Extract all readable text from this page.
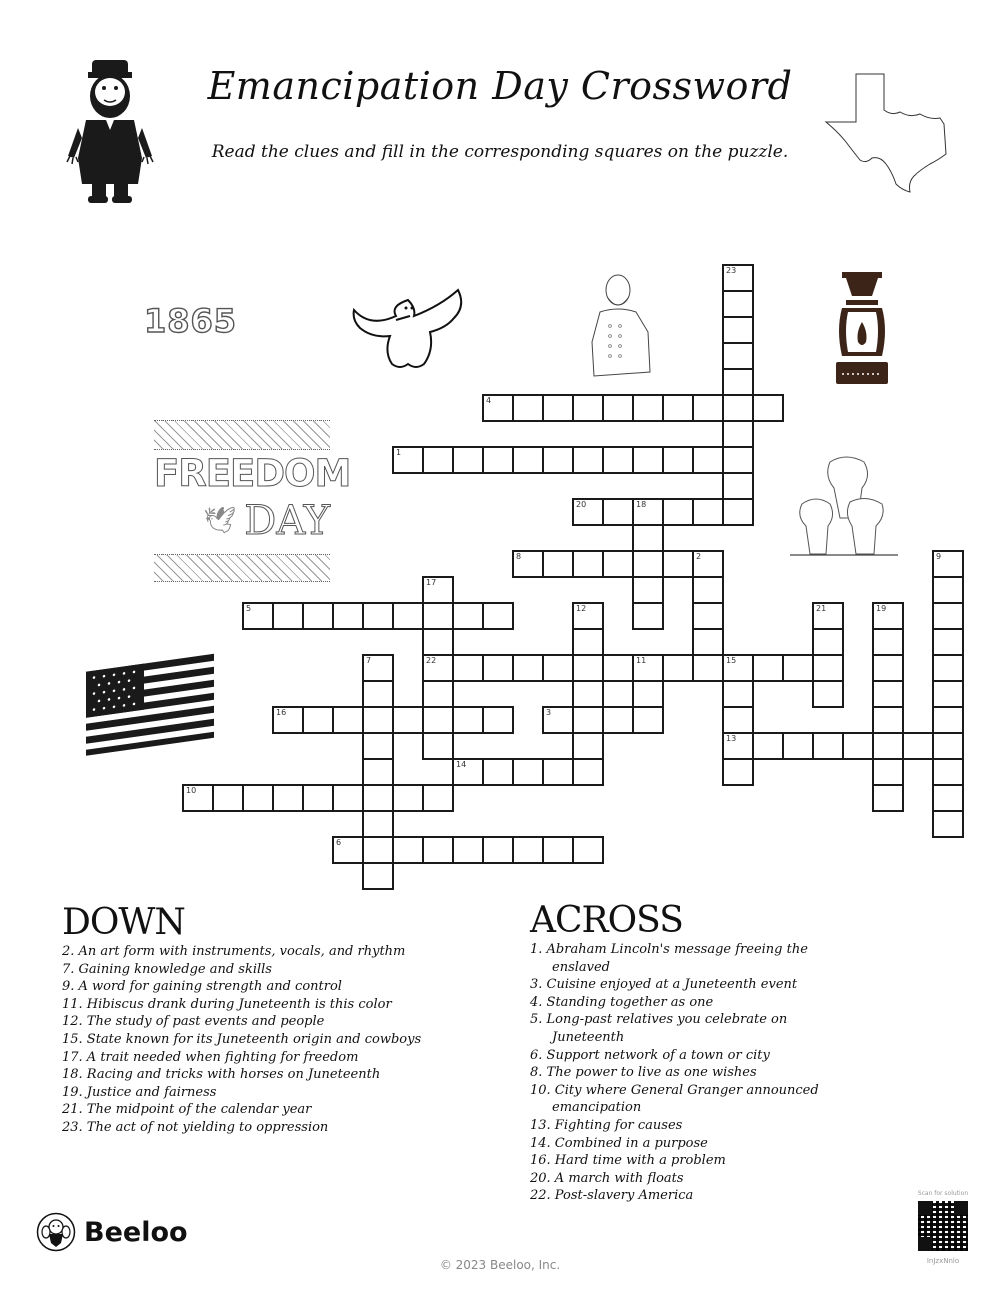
Emancipation Day Crossword
Read the clues and fill in the corresponding squares on the puzzle.
1865
FREEDOM
🕊 DAY
1
3
4
5
6
8	2
10
13
14
16
20	18
22	11	15
7
9
12
17
19
21
23
DOWN
2. An art form with instruments, vocals, and rhythm
7. Gaining knowledge and skills
9. A word for gaining strength and control
11. Hibiscus drank during Juneteenth is this color
12. The study of past events and people
15. State known for its Juneteenth origin and cowboys
17. A trait needed when fighting for freedom
18. Racing and tricks with horses on Juneteenth
19. Justice and fairness
21. The midpoint of the calendar year
23. The act of not yielding to oppression
ACROSS
1. Abraham Lincoln's message freeing the enslaved
3. Cuisine enjoyed at a Juneteenth event
4. Standing together as one
5. Long-past relatives you celebrate on Juneteenth
6. Support network of a town or city
8. The power to live as one wishes
10. City where General Granger announced emancipation
13. Fighting for causes
14. Combined in a purpose
16. Hard time with a problem
20. A march with floats
22. Post-slavery America
Beeloo
© 2023 Beeloo, Inc.
Scan for solution
InJzxNnlo
